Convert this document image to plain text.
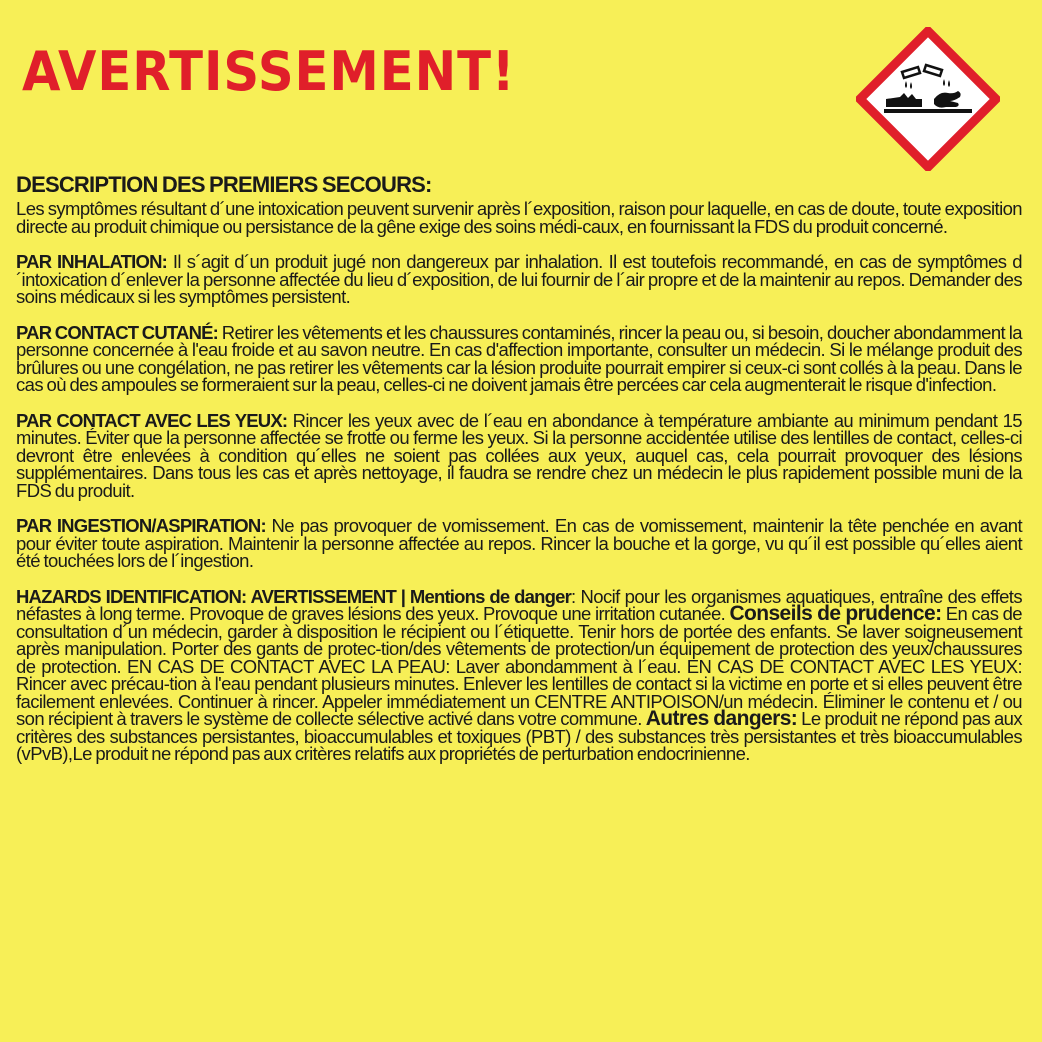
AVERTISSEMENT!

DESCRIPTION DES PREMIERS SECOURS:

Les symptômes résultant d´une intoxication peuvent survenir après l´exposition, raison pour laquelle, en cas de doute, toute exposition directe au produit chimique ou persistance de la gêne exige des soins médi-caux, en fournissant la FDS du produit concerné.

PAR INHALATION: Il s´agit d´un produit jugé non dangereux par inhalation. Il est toutefois recommandé, en cas de symptômes d´intoxication d´enlever la personne affectée du lieu d´exposition, de lui fournir de l´air propre et de la maintenir au repos. Demander des soins médicaux si les symptômes persistent.

PAR CONTACT CUTANÉ: Retirer les vêtements et les chaussures contaminés, rincer la peau ou, si besoin, doucher abondamment la personne concernée à l'eau froide et au savon neutre. En cas d'affection importante, consulter un médecin. Si le mélange produit des brûlures ou une congélation, ne pas retirer les vêtements car la lésion produite pourrait empirer si ceux-ci sont collés à la peau. Dans le cas où des ampoules se formeraient sur la peau, celles-ci ne doivent jamais être percées car cela augmenterait le risque d'infection.

PAR CONTACT AVEC LES YEUX: Rincer les yeux avec de l´eau en abondance à température ambiante au minimum pendant 15 minutes. Éviter que la personne affectée se frotte ou ferme les yeux. Si la personne accidentée utilise des lentilles de contact, celles-ci devront être enlevées à condition qu´elles ne soient pas collées aux yeux, auquel cas, cela pourrait provoquer des lésions supplémentaires. Dans tous les cas et après nettoyage, il faudra se rendre chez un médecin le plus rapidement possible muni de la FDS du produit.

PAR INGESTION/ASPIRATION: Ne pas provoquer de vomissement. En cas de vomissement, maintenir la tête penchée en avant pour éviter toute aspiration. Maintenir la personne affectée au repos. Rincer la bouche et la gorge, vu qu´il est possible qu´elles aient été touchées lors de l´ingestion.

HAZARDS IDENTIFICATION: AVERTISSEMENT | Mentions de danger: Nocif pour les organismes aquatiques, entraîne des effets néfastes à long terme. Provoque de graves lésions des yeux. Provoque une irritation cutanée. Conseils de prudence: En cas de consultation d´un médecin, garder à disposition le récipient ou l´étiquette. Tenir hors de portée des enfants. Se laver soigneusement après manipulation. Porter des gants de protec-tion/des vêtements de protection/un équipement de protection des yeux/chaussures de protection. EN CAS DE CONTACT AVEC LA PEAU: Laver abondamment à l´eau. EN CAS DE CONTACT AVEC LES YEUX: Rincer avec précau-tion à l'eau pendant plusieurs minutes. Enlever les lentilles de contact si la victime en porte et si elles peuvent être facilement enlevées. Continuer à rincer. Appeler immédiatement un CENTRE ANTIPOISON/un médecin. Éliminer le contenu et / ou son récipient à travers le système de collecte sélective activé dans votre commune. Autres dangers: Le produit ne répond pas aux critères des substances persistantes, bioaccumulables et toxiques (PBT) / des substances très persistantes et très bioaccumulables (vPvB),Le produit ne répond pas aux critères relatifs aux propriétés de perturbation endocrinienne.
